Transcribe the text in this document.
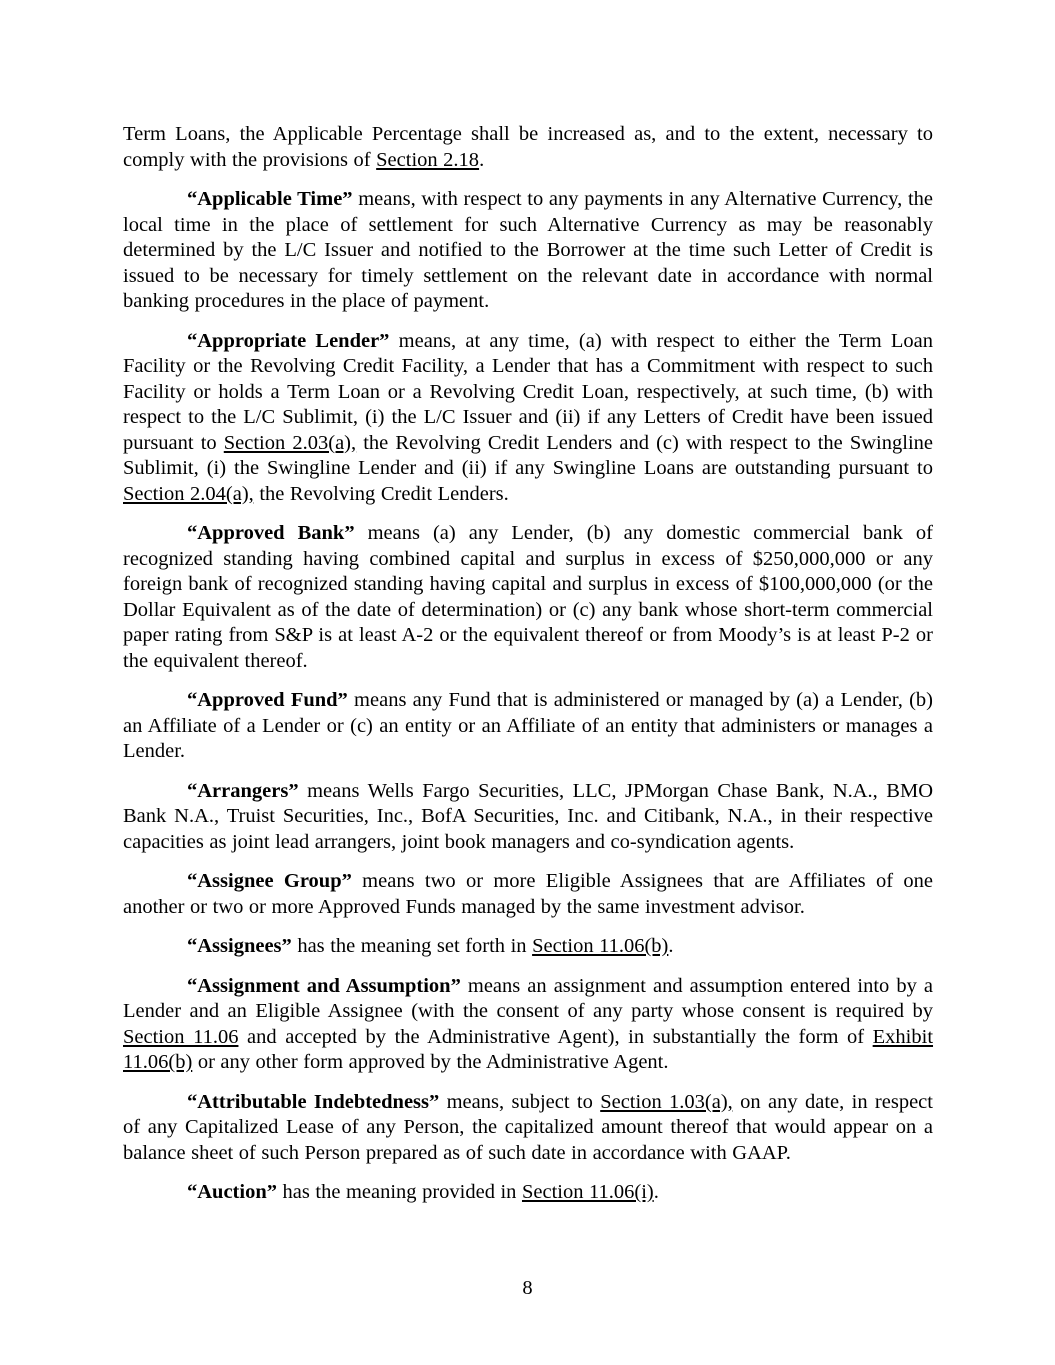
Term Loans, the Applicable Percentage shall be increased as, and to the extent, necessary to comply with the provisions of Section 2.18.

“Applicable Time” means, with respect to any payments in any Alternative Currency, the local time in the place of settlement for such Alternative Currency as may be reasonably determined by the L/C Issuer and notified to the Borrower at the time such Letter of Credit is issued to be necessary for timely settlement on the relevant date in accordance with normal banking procedures in the place of payment.

“Appropriate Lender” means, at any time, (a) with respect to either the Term Loan Facility or the Revolving Credit Facility, a Lender that has a Commitment with respect to such Facility or holds a Term Loan or a Revolving Credit Loan, respectively, at such time, (b) with respect to the L/C Sublimit, (i) the L/C Issuer and (ii) if any Letters of Credit have been issued pursuant to Section 2.03(a), the Revolving Credit Lenders and (c) with respect to the Swingline Sublimit, (i) the Swingline Lender and (ii) if any Swingline Loans are outstanding pursuant to Section 2.04(a), the Revolving Credit Lenders.

“Approved Bank” means (a) any Lender, (b) any domestic commercial bank of recognized standing having combined capital and surplus in excess of $250,000,000 or any foreign bank of recognized standing having capital and surplus in excess of $100,000,000 (or the Dollar Equivalent as of the date of determination) or (c) any bank whose short-term commercial paper rating from S&P is at least A-2 or the equivalent thereof or from Moody’s is at least P-2 or the equivalent thereof.

“Approved Fund” means any Fund that is administered or managed by (a) a Lender, (b) an Affiliate of a Lender or (c) an entity or an Affiliate of an entity that administers or manages a Lender.

“Arrangers” means Wells Fargo Securities, LLC, JPMorgan Chase Bank, N.A., BMO Bank N.A., Truist Securities, Inc., BofA Securities, Inc. and Citibank, N.A., in their respective capacities as joint lead arrangers, joint book managers and co-syndication agents.

“Assignee Group” means two or more Eligible Assignees that are Affiliates of one another or two or more Approved Funds managed by the same investment advisor.

“Assignees” has the meaning set forth in Section 11.06(b).

“Assignment and Assumption” means an assignment and assumption entered into by a Lender and an Eligible Assignee (with the consent of any party whose consent is required by Section 11.06 and accepted by the Administrative Agent), in substantially the form of Exhibit 11.06(b) or any other form approved by the Administrative Agent.

“Attributable Indebtedness” means, subject to Section 1.03(a), on any date, in respect of any Capitalized Lease of any Person, the capitalized amount thereof that would appear on a balance sheet of such Person prepared as of such date in accordance with GAAP.

“Auction” has the meaning provided in Section 11.06(i).

8
